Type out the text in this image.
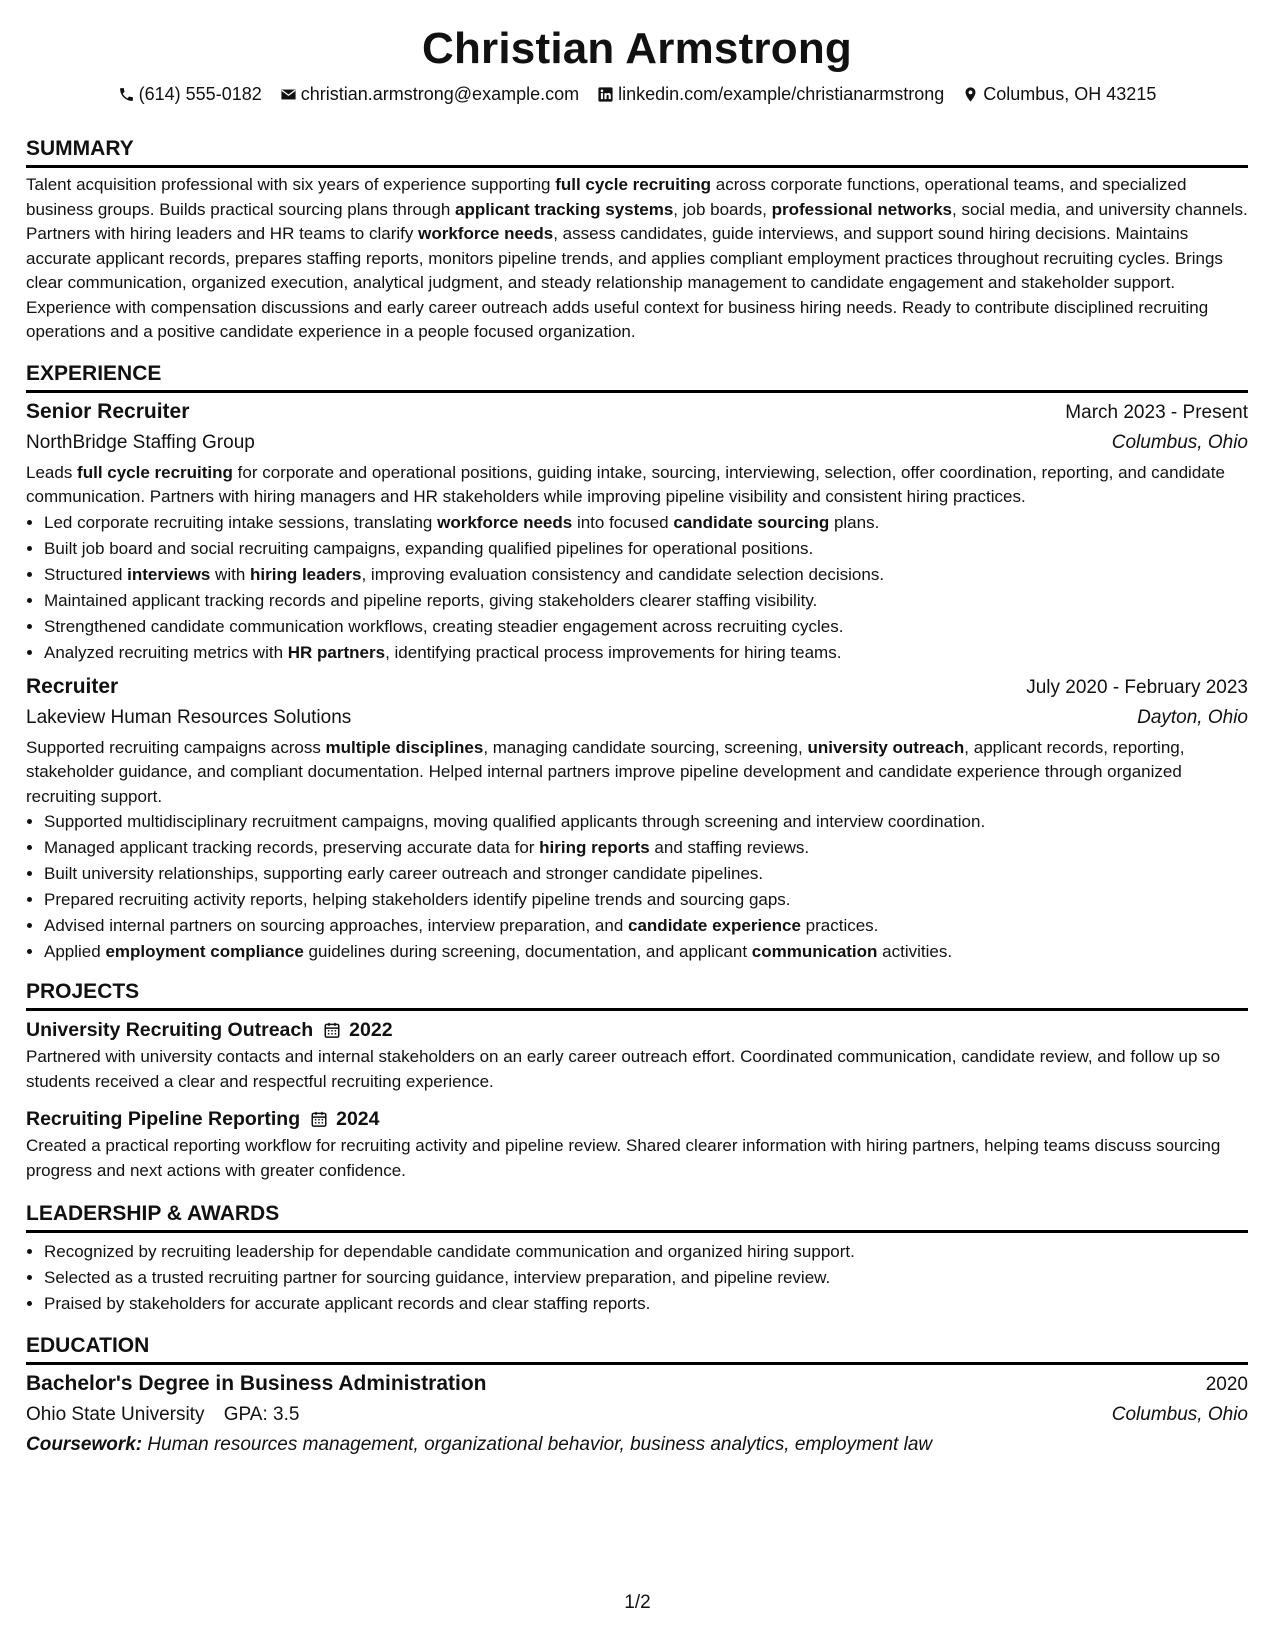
Christian Armstrong
(614) 555-0182 christian.armstrong@example.com linkedin.com/example/christianarmstrong Columbus, OH 43215
SUMMARY
Talent acquisition professional with six years of experience supporting full cycle recruiting across corporate functions, operational teams, and specialized business groups. Builds practical sourcing plans through applicant tracking systems, job boards, professional networks, social media, and university channels. Partners with hiring leaders and HR teams to clarify workforce needs, assess candidates, guide interviews, and support sound hiring decisions. Maintains accurate applicant records, prepares staffing reports, monitors pipeline trends, and applies compliant employment practices throughout recruiting cycles. Brings clear communication, organized execution, analytical judgment, and steady relationship management to candidate engagement and stakeholder support. Experience with compensation discussions and early career outreach adds useful context for business hiring needs. Ready to contribute disciplined recruiting operations and a positive candidate experience in a people focused organization.
EXPERIENCE
Senior Recruiter	March 2023 - Present
NorthBridge Staffing Group	Columbus, Ohio
Leads full cycle recruiting for corporate and operational positions, guiding intake, sourcing, interviewing, selection, offer coordination, reporting, and candidate communication. Partners with hiring managers and HR stakeholders while improving pipeline visibility and consistent hiring practices.
• Led corporate recruiting intake sessions, translating workforce needs into focused candidate sourcing plans.
• Built job board and social recruiting campaigns, expanding qualified pipelines for operational positions.
• Structured interviews with hiring leaders, improving evaluation consistency and candidate selection decisions.
• Maintained applicant tracking records and pipeline reports, giving stakeholders clearer staffing visibility.
• Strengthened candidate communication workflows, creating steadier engagement across recruiting cycles.
• Analyzed recruiting metrics with HR partners, identifying practical process improvements for hiring teams.
Recruiter	July 2020 - February 2023
Lakeview Human Resources Solutions	Dayton, Ohio
Supported recruiting campaigns across multiple disciplines, managing candidate sourcing, screening, university outreach, applicant records, reporting, stakeholder guidance, and compliant documentation. Helped internal partners improve pipeline development and candidate experience through organized recruiting support.
• Supported multidisciplinary recruitment campaigns, moving qualified applicants through screening and interview coordination.
• Managed applicant tracking records, preserving accurate data for hiring reports and staffing reviews.
• Built university relationships, supporting early career outreach and stronger candidate pipelines.
• Prepared recruiting activity reports, helping stakeholders identify pipeline trends and sourcing gaps.
• Advised internal partners on sourcing approaches, interview preparation, and candidate experience practices.
• Applied employment compliance guidelines during screening, documentation, and applicant communication activities.
PROJECTS
University Recruiting Outreach 2022
Partnered with university contacts and internal stakeholders on an early career outreach effort. Coordinated communication, candidate review, and follow up so students received a clear and respectful recruiting experience.
Recruiting Pipeline Reporting 2024
Created a practical reporting workflow for recruiting activity and pipeline review. Shared clearer information with hiring partners, helping teams discuss sourcing progress and next actions with greater confidence.
LEADERSHIP & AWARDS
• Recognized by recruiting leadership for dependable candidate communication and organized hiring support.
• Selected as a trusted recruiting partner for sourcing guidance, interview preparation, and pipeline review.
• Praised by stakeholders for accurate applicant records and clear staffing reports.
EDUCATION
Bachelor's Degree in Business Administration	2020
Ohio State University GPA: 3.5	Columbus, Ohio
Coursework: Human resources management, organizational behavior, business analytics, employment law
1/2
